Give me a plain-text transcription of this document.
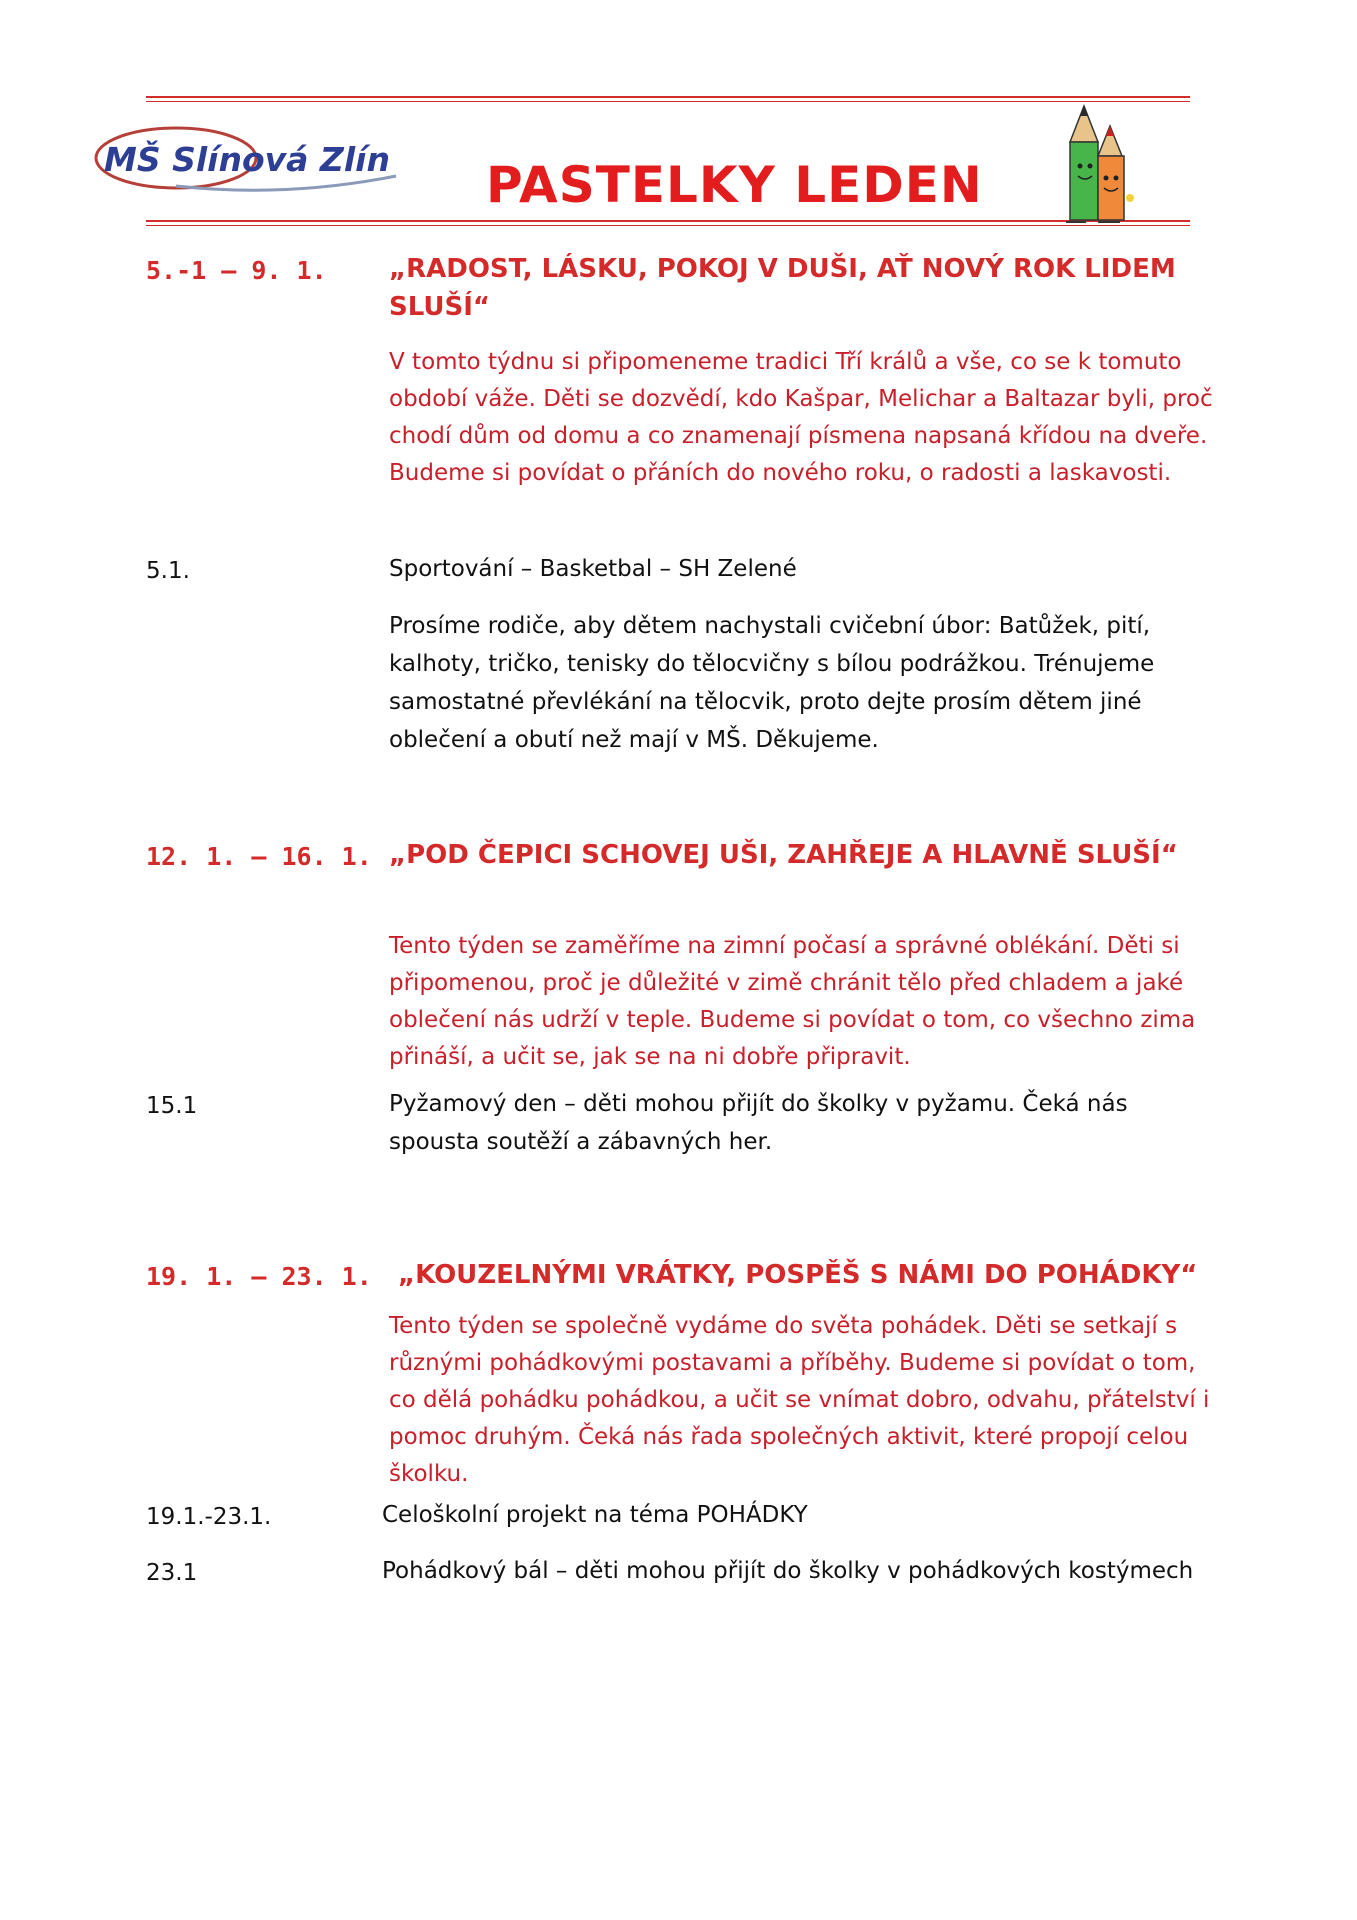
MŠ Slínová Zlín PASTELKY LEDEN
5.-1 – 9. 1. „RADOST, LÁSKU, POKOJ V DUŠI, AŤ NOVÝ ROK LIDEM SLUŠÍ“
V tomto týdnu si připomeneme tradici Tří králů a vše, co se k tomuto období váže. Děti se dozvědí, kdo Kašpar, Melichar a Baltazar byli, proč chodí dům od domu a co znamenají písmena napsaná křídou na dveře. Budeme si povídat o přáních do nového roku, o radosti a laskavosti.
5.1.	Sportování – Basketbal – SH Zelené
Prosíme rodiče, aby dětem nachystali cvičební úbor: Batůžek, pití, kalhoty, tričko, tenisky do tělocvičny s bílou podrážkou. Trénujeme samostatné převlékání na tělocvik, proto dejte prosím dětem jiné oblečení a obutí než mají v MŠ. Děkujeme.
12. 1. – 16. 1. „POD ČEPICI SCHOVEJ UŠI, ZAHŘEJE A HLAVNĚ SLUŠÍ“
Tento týden se zaměříme na zimní počasí a správné oblékání. Děti si připomenou, proč je důležité v zimě chránit tělo před chladem a jaké oblečení nás udrží v teple. Budeme si povídat o tom, co všechno zima přináší, a učit se, jak se na ni dobře připravit.
15.1	Pyžamový den – děti mohou přijít do školky v pyžamu. Čeká nás spousta soutěží a zábavných her.
19. 1. – 23. 1. „KOUZELNÝMI VRÁTKY, POSPĚŠ S NÁMI DO POHÁDKY“
Tento týden se společně vydáme do světa pohádek. Děti se setkají s různými pohádkovými postavami a příběhy. Budeme si povídat o tom, co dělá pohádku pohádkou, a učit se vnímat dobro, odvahu, přátelství i pomoc druhým. Čeká nás řada společných aktivit, které propojí celou školku.
19.1.-23.1.	Celoškolní projekt na téma POHÁDKY
23.1	Pohádkový bál – děti mohou přijít do školky v pohádkových kostýmech
